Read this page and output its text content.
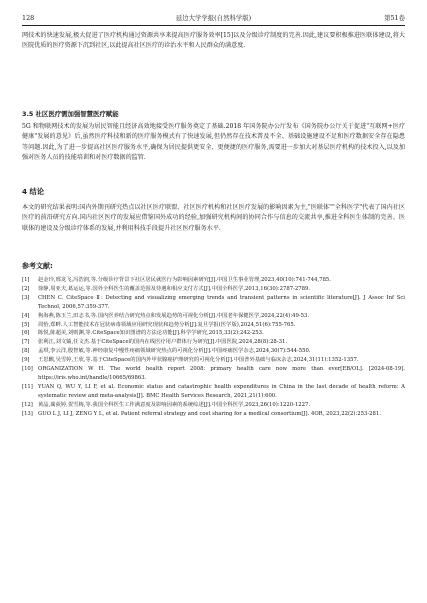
128	延边大学学报(自然科学版)	第51卷

网技术的快速发展,极大促进了医疗机构通过资源共享来提高医疗服务效率[15]以及分级诊疗制度的完善.因此,建议要积极推进医联体建设,将大医院优质的医疗资源下沉到社区,以此提高社区医疗的诊治水平和人民群众的满意度.

3.5 社区医疗需加强智慧医疗赋能

5G 和物联网技术的发展为居民智能且经济高效地接受医疗服务奠定了基础.2018 年国务院办公厅发布《国务院办公厅关于促进"互联网+医疗健康"发展的意见》后,虽然医疗科技和新的医疗服务模式有了快速发展,但仍然存在技术普及不全、基础设施建设不足和医疗数据安全存在隐患等问题.因此,为了进一步提高社区医疗服务水平,确保为居民提供更安全、更便捷的医疗服务,需要进一步加大对基层医疗机构的技术投入,以及加强对医务人员的技能培训和对医疗数据的监管.

4 结论

本文的研究结果表明:国内外期刊研究热点以社区医疗联盟、社区医疗机构和社区医疗发展的影响因素为主,"医联体""全科医学"代表了国内社区医疗的前沿研究方向.国内社区医疗的发展应借鉴国外成功的经验,加强研究机构间的协同合作与信息的交流共享,推进全科医生体制的完善、医联体的建设及分级诊疗体系的发展,并利用科技手段提升社区医疗服务水平.

参考文献:
[1]	赵金玲,邢龙飞,冯浩润,等.分级诊疗背景下社区居民就医行为影响因素研究[J].中国卫生事业管理,2023,40(10):741-744,785.
[2]	徐静,周亚夫,葛运运,等.国外全科医生的覆盖范围及待遇和相应支付方式[J].中国全科医学,2013,16(30):2787-2789.
[3]	CHEN C. CiteSpace Ⅱ: Detecting and visualizing emerging trends and transient patterns in scientific literature[J]. J Assoc Inf Sci Technol, 2006,57:359-377.
[4]	狗海燕,陈玉兰,田志书,等.国内医养结合研究热点和发展趋势的可视化分析[J].中国老年保健医学,2024,22(4):49-53.
[5]	周怡,郑畔.人工智能技术在冠状病毒领域应用研究现状和趋势分析[J].复旦学报(医学版),2024,51(6):755-765.
[6]	陈悦,陈超美,刘则渊,等.CiteSpace知识图谱的方法论功能[J].科学学研究,2015,33(2):242-253.
[7]	张利江,刘文嫱,任文杰.基于CiteSpace的国内在线医疗用户群体行为研究[J].中国医院,2024,28(8):28-31.
[8]	孟琪,李云洋,殷智敏,等.神经康复中慢性疼痛领域研究热点的可视化分析[J].中国疼痛医学杂志,2024,30(7):544-550.
[9]	王思麒,吴雪婷,王欣,等.基于CiteSpace的国内外甲状腺癌护理研究的可视化分析[J].中国普外基础与临床杂志,2024,31(11):1352-1357.
[10] ORGANIZATION W H. The world health report 2008: primary health care now more than ever[EB/OL]. [2024-08-19]. https://iris.who.int/handle/10665/69863.
[11] YUAN Q, WU Y, LI F, et al. Economic status and catastrophic health expenditures in China in the last decade of health reform: A systematic review and meta-analysis[J]. BMC Health Services Research, 2021,21(1):600.
[12] 黄晶,蔺荻婷,贺雪梅,等.我国全科医生工作满意度及影响因素的系统综述[J].中国全科医学,2023,26(10):1220-1227.
[13] GUO L J, LI J, ZENG Y L, et al. Patient referral strategy and cost sharing for a medical consortium[J]. 4OR, 2023,22(2):253-281.
